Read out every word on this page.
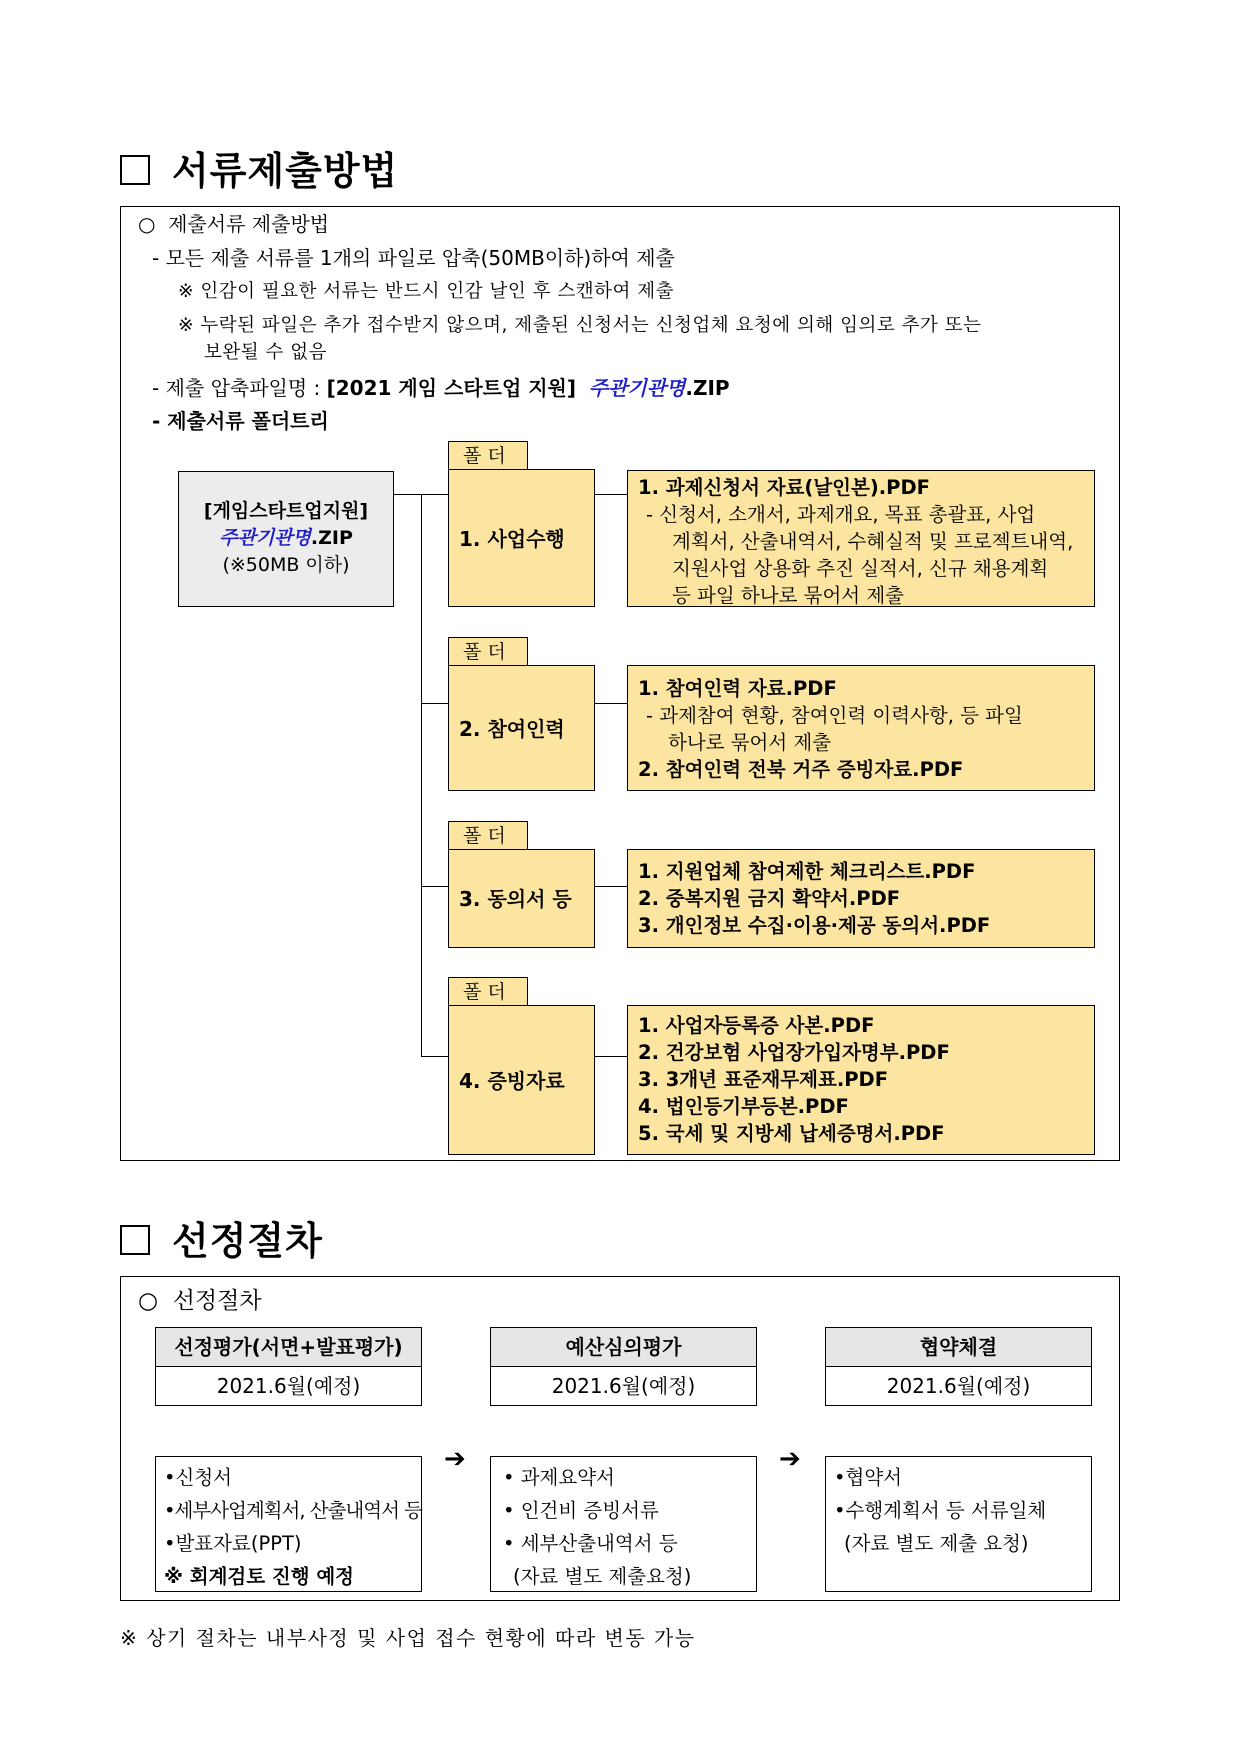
서류제출방법
○ 제출서류 제출방법
- 모든 제출 서류를 1개의 파일로 압축(50MB이하)하여 제출
※ 인감이 필요한 서류는 반드시 인감 날인 후 스캔하여 제출
※ 누락된 파일은 추가 접수받지 않으며, 제출된 신청서는 신청업체 요청에 의해 임의로 추가 또는
보완될 수 없음
- 제출 압축파일명 : [2021 게임 스타트업 지원] 주관기관명.ZIP
- 제출서류 폴더트리
[게임스타트업지원]
주관기관명.ZIP
(※50MB 이하)
폴 더
1. 사업수행
1. 과제신청서 자료(날인본).PDF
- 신청서, 소개서, 과제개요, 목표 총괄표, 사업
계획서, 산출내역서, 수혜실적 및 프로젝트내역,
지원사업 상용화 추진 실적서, 신규 채용계획
등 파일 하나로 묶어서 제출
폴 더
2. 참여인력
1. 참여인력 자료.PDF
- 과제참여 현황, 참여인력 이력사항, 등 파일
하나로 묶어서 제출
2. 참여인력 전북 거주 증빙자료.PDF
폴 더
3. 동의서 등
1. 지원업체 참여제한 체크리스트.PDF
2. 중복지원 금지 확약서.PDF
3. 개인정보 수집·이용·제공 동의서.PDF
폴 더
4. 증빙자료
1. 사업자등록증 사본.PDF
2. 건강보험 사업장가입자명부.PDF
3. 3개년 표준재무제표.PDF
4. 법인등기부등본.PDF
5. 국세 및 지방세 납세증명서.PDF
선정절차
○ 선정절차
선정평가(서면+발표평가)
2021.6월(예정)
•신청서
•세부사업계획서, 산출내역서 등
•발표자료(PPT)
※ 회계검토 진행 예정
➔
예산심의평가
2021.6월(예정)
• 과제요약서
• 인건비 증빙서류
• 세부산출내역서 등
(자료 별도 제출요청)
➔
협약체결
2021.6월(예정)
•협약서
•수행계획서 등 서류일체
(자료 별도 제출 요청)
※ 상기 절차는 내부사정 및 사업 접수 현황에 따라 변동 가능
